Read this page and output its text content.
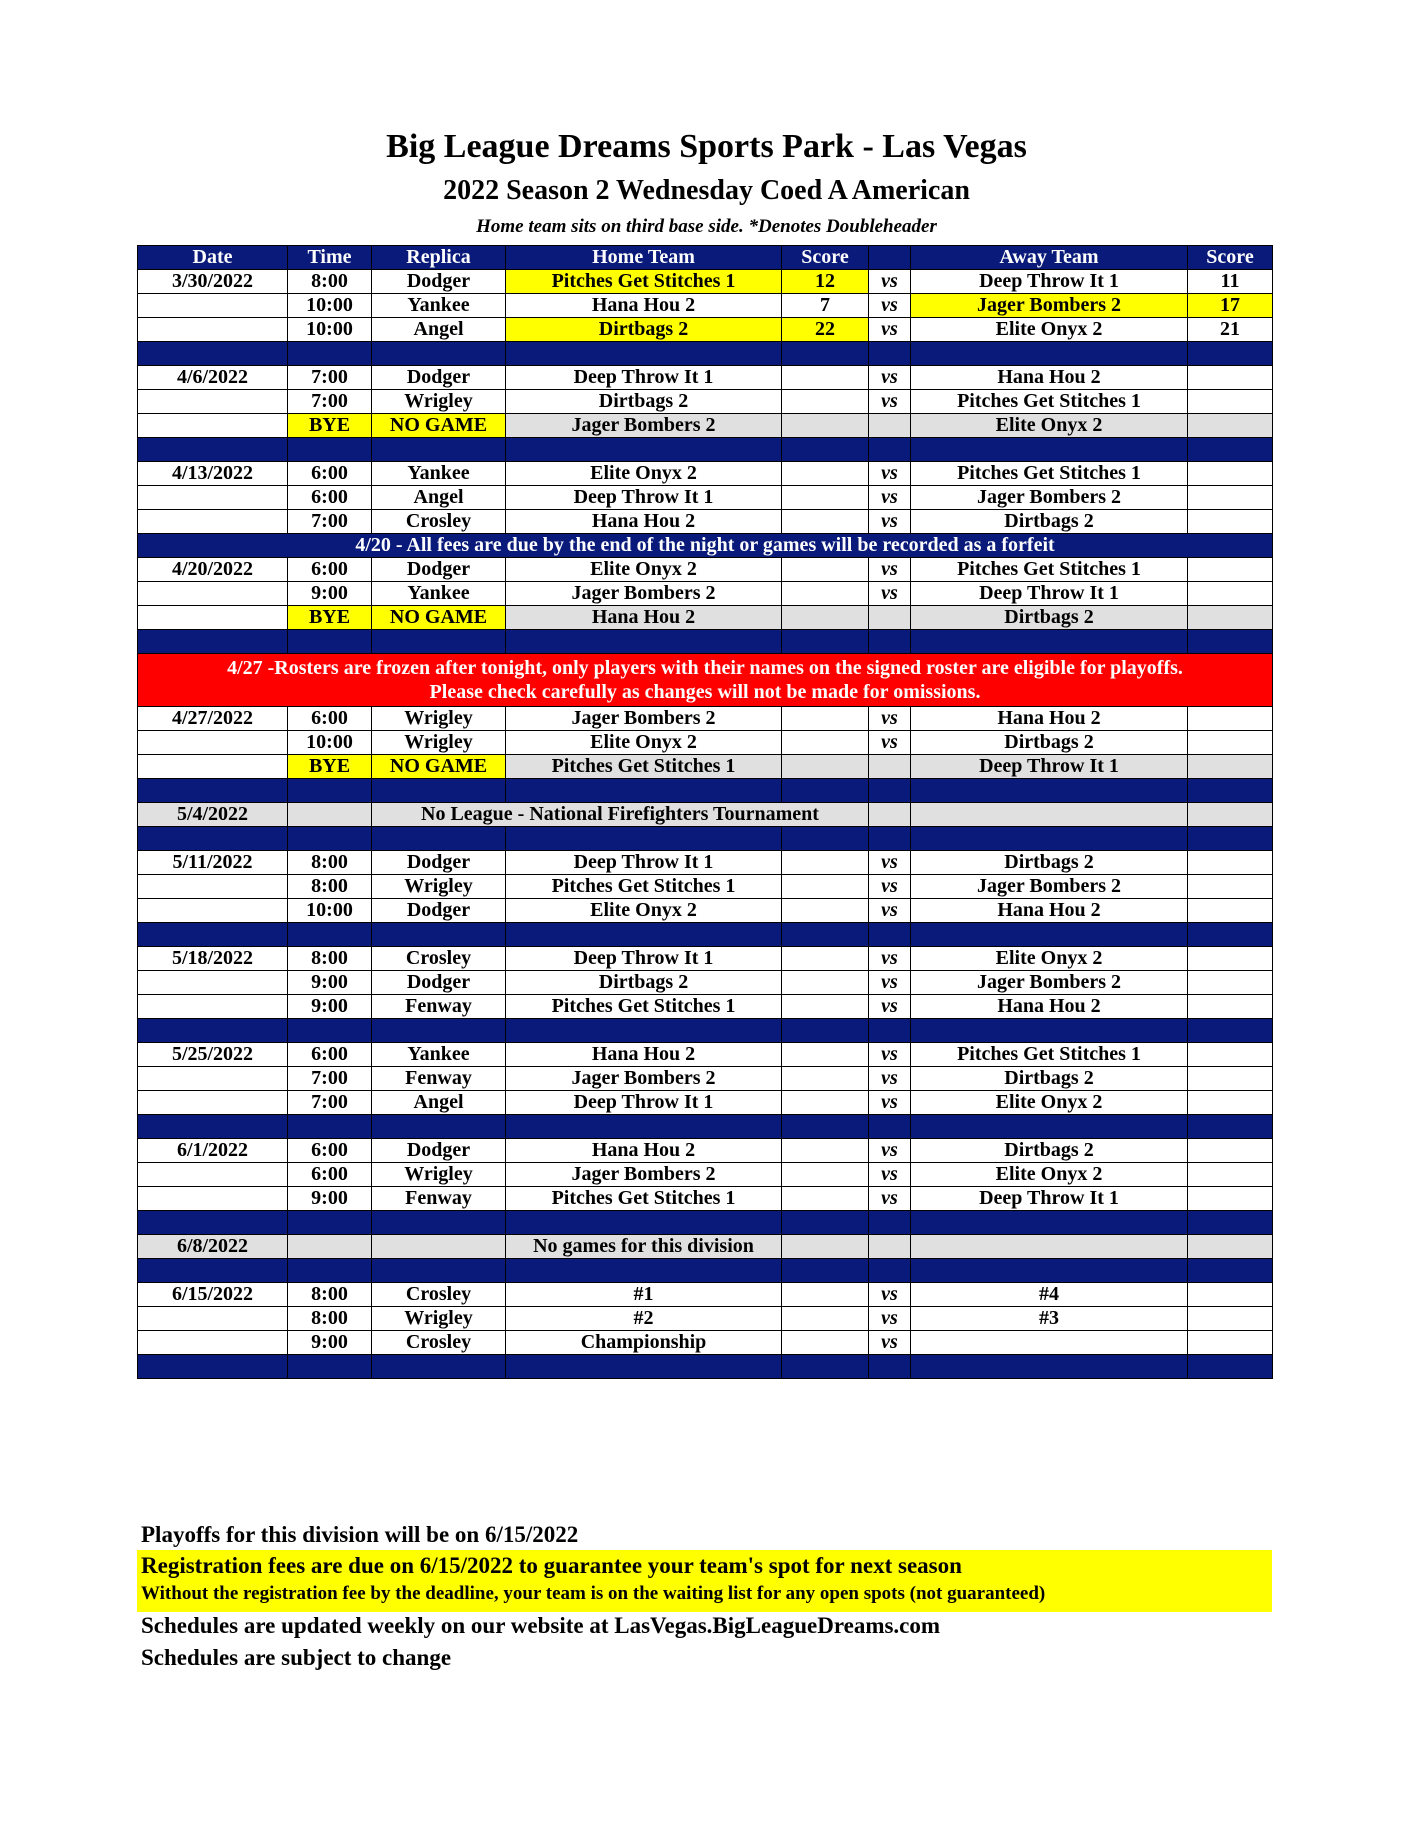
Big League Dreams Sports Park - Las Vegas
2022 Season 2 Wednesday Coed A American
Home team sits on third base side. *Denotes Doubleheader
Date	Time	Replica	Home Team	Score		Away Team	Score
3/30/2022	8:00	Dodger	Pitches Get Stitches 1	12	vs	Deep Throw It 1	11
	10:00	Yankee	Hana Hou 2	7	vs	Jager Bombers 2	17
	10:00	Angel	Dirtbags 2	22	vs	Elite Onyx 2	21

4/6/2022	7:00	Dodger	Deep Throw It 1		vs	Hana Hou 2	
	7:00	Wrigley	Dirtbags 2		vs	Pitches Get Stitches 1	
	BYE	NO GAME	Jager Bombers 2			Elite Onyx 2	

4/13/2022	6:00	Yankee	Elite Onyx 2		vs	Pitches Get Stitches 1	
	6:00	Angel	Deep Throw It 1		vs	Jager Bombers 2	
	7:00	Crosley	Hana Hou 2		vs	Dirtbags 2	
4/20 - All fees are due by the end of the night or games will be recorded as a forfeit							
4/20/2022	6:00	Dodger	Elite Onyx 2		vs	Pitches Get Stitches 1	
	9:00	Yankee	Jager Bombers 2		vs	Deep Throw It 1	
	BYE	NO GAME	Hana Hou 2			Dirtbags 2	

4/27 -Rosters are frozen after tonight, only players with their names on the signed roster are eligible for playoffs.
Please check carefully as changes will not be made for omissions.							

4/27/2022	6:00	Wrigley	Jager Bombers 2		vs	Hana Hou 2	
	10:00	Wrigley	Elite Onyx 2		vs	Dirtbags 2	
	BYE	NO GAME	Pitches Get Stitches 1			Deep Throw It 1	

5/4/2022		No League - National Firefighters Tournament					

5/11/2022	8:00	Dodger	Deep Throw It 1		vs	Dirtbags 2	
	8:00	Wrigley	Pitches Get Stitches 1		vs	Jager Bombers 2	
	10:00	Dodger	Elite Onyx 2		vs	Hana Hou 2	

5/18/2022	8:00	Crosley	Deep Throw It 1		vs	Elite Onyx 2	
	9:00	Dodger	Dirtbags 2		vs	Jager Bombers 2	
	9:00	Fenway	Pitches Get Stitches 1		vs	Hana Hou 2	

5/25/2022	6:00	Yankee	Hana Hou 2		vs	Pitches Get Stitches 1	
	7:00	Fenway	Jager Bombers 2		vs	Dirtbags 2	
	7:00	Angel	Deep Throw It 1		vs	Elite Onyx 2	

6/1/2022	6:00	Dodger	Hana Hou 2		vs	Dirtbags 2	
	6:00	Wrigley	Jager Bombers 2		vs	Elite Onyx 2	
	9:00	Fenway	Pitches Get Stitches 1		vs	Deep Throw It 1	

6/8/2022			No games for this division				

6/15/2022	8:00	Crosley	#1		vs	#4	
	8:00	Wrigley	#2		vs	#3	
	9:00	Crosley	Championship		vs		

Playoffs for this division will be on 6/15/2022
Registration fees are due on 6/15/2022 to guarantee your team's spot for next season
Without the registration fee by the deadline, your team is on the waiting list for any open spots (not guaranteed)
Schedules are updated weekly on our website at LasVegas.BigLeagueDreams.com
Schedules are subject to change
